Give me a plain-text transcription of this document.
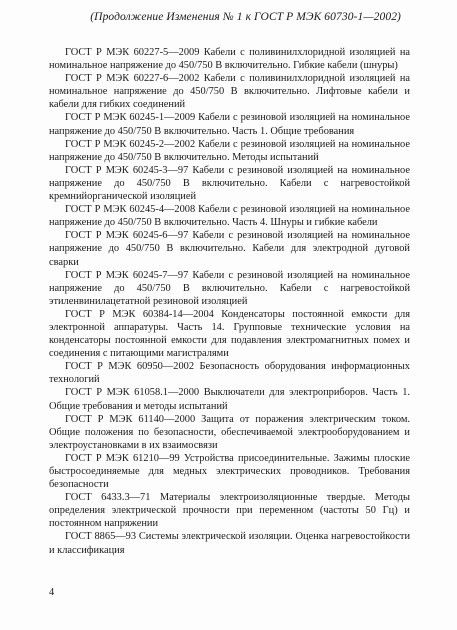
(Продолжение Изменения № 1 к ГОСТ Р МЭК 60730-1—2002)

ГОСТ Р МЭК 60227-5—2009 Кабели с поливинилхлоридной изоляцией на номинальное напряжение до 450/750 В включительно. Гибкие кабели (шнуры)

ГОСТ Р МЭК 60227-6—2002 Кабели с поливинилхлоридной изоляцией на номинальное напряжение до 450/750 В включительно. Лифтовые кабели и кабели для гибких соединений

ГОСТ Р МЭК 60245-1—2009 Кабели с резиновой изоляцией на номинальное напряжение до 450/750 В включительно. Часть 1. Общие требования

ГОСТ Р МЭК 60245-2—2002 Кабели с резиновой изоляцией на номинальное напряжение до 450/750 В включительно. Методы испытаний

ГОСТ Р МЭК 60245-3—97 Кабели с резиновой изоляцией на номинальное напряжение до 450/750 В включительно. Кабели с нагревостойкой кремнийорганической изоляцией

ГОСТ Р МЭК 60245-4—2008 Кабели с резиновой изоляцией на номинальное напряжение до 450/750 В включительно. Часть 4. Шнуры и гибкие кабели

ГОСТ Р МЭК 60245-6—97 Кабели с резиновой изоляцией на номинальное напряжение до 450/750 В включительно. Кабели для электродной дуговой сварки

ГОСТ Р МЭК 60245-7—97 Кабели с резиновой изоляцией на номинальное напряжение до 450/750 В включительно. Кабели с нагревостойкой этиленвинилацетатной резиновой изоляцией

ГОСТ Р МЭК 60384-14—2004 Конденсаторы постоянной емкости для электронной аппаратуры. Часть 14. Групповые технические условия на конденсаторы постоянной емкости для подавления электромагнитных помех и соединения с питающими магистралями

ГОСТ Р МЭК 60950—2002 Безопасность оборудования информационных технологий

ГОСТ Р МЭК 61058.1—2000 Выключатели для электроприборов. Часть 1. Общие требования и методы испытаний

ГОСТ Р МЭК 61140—2000 Защита от поражения электрическим током. Общие положения по безопасности, обеспечиваемой электрооборудованием и электроустановками в их взаимосвязи

ГОСТ Р МЭК 61210—99 Устройства присоединительные. Зажимы плоские быстросоединяемые для медных электрических проводников. Требования безопасности

ГОСТ 6433.3—71 Материалы электроизоляционные твердые. Методы определения электрической прочности при переменном (частоты 50 Гц) и постоянном напряжении

ГОСТ 8865—93 Системы электрической изоляции. Оценка нагревостойкости и классификация

4
